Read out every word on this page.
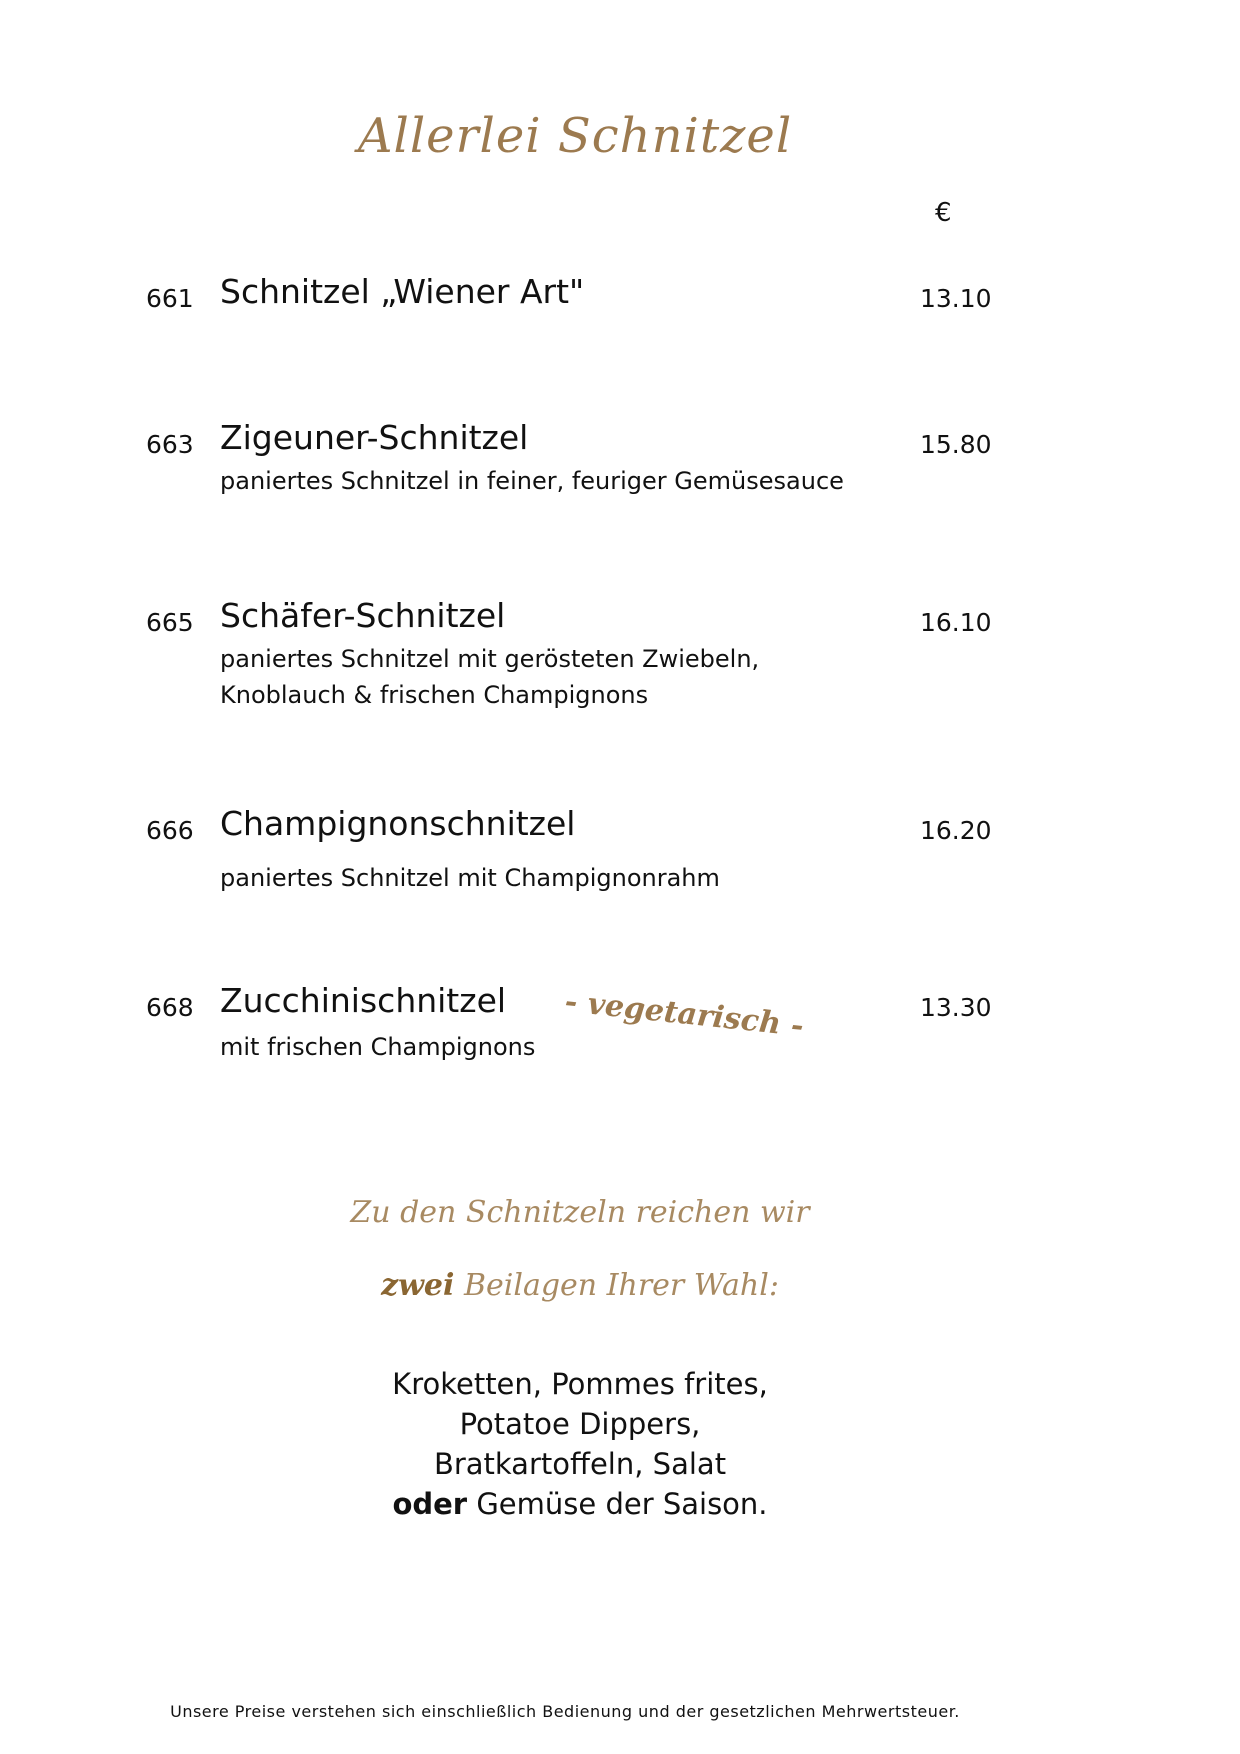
Allerlei Schnitzel
€
661 Schnitzel „Wiener Art"	13.10
663 Zigeuner-Schnitzel	15.80
paniertes Schnitzel in feiner, feuriger Gemüsesauce
665 Schäfer-Schnitzel	16.10
paniertes Schnitzel mit gerösteten Zwiebeln,
Knoblauch & frischen Champignons
666 Champignonschnitzel	16.20
paniertes Schnitzel mit Champignonrahm
668 Zucchinischnitzel - vegetarisch -	13.30
mit frischen Champignons
Zu den Schnitzeln reichen wir
zwei Beilagen Ihrer Wahl:
Kroketten, Pommes frites,
Potatoe Dippers,
Bratkartoffeln, Salat
oder Gemüse der Saison.
Unsere Preise verstehen sich einschließlich Bedienung und der gesetzlichen Mehrwertsteuer.
